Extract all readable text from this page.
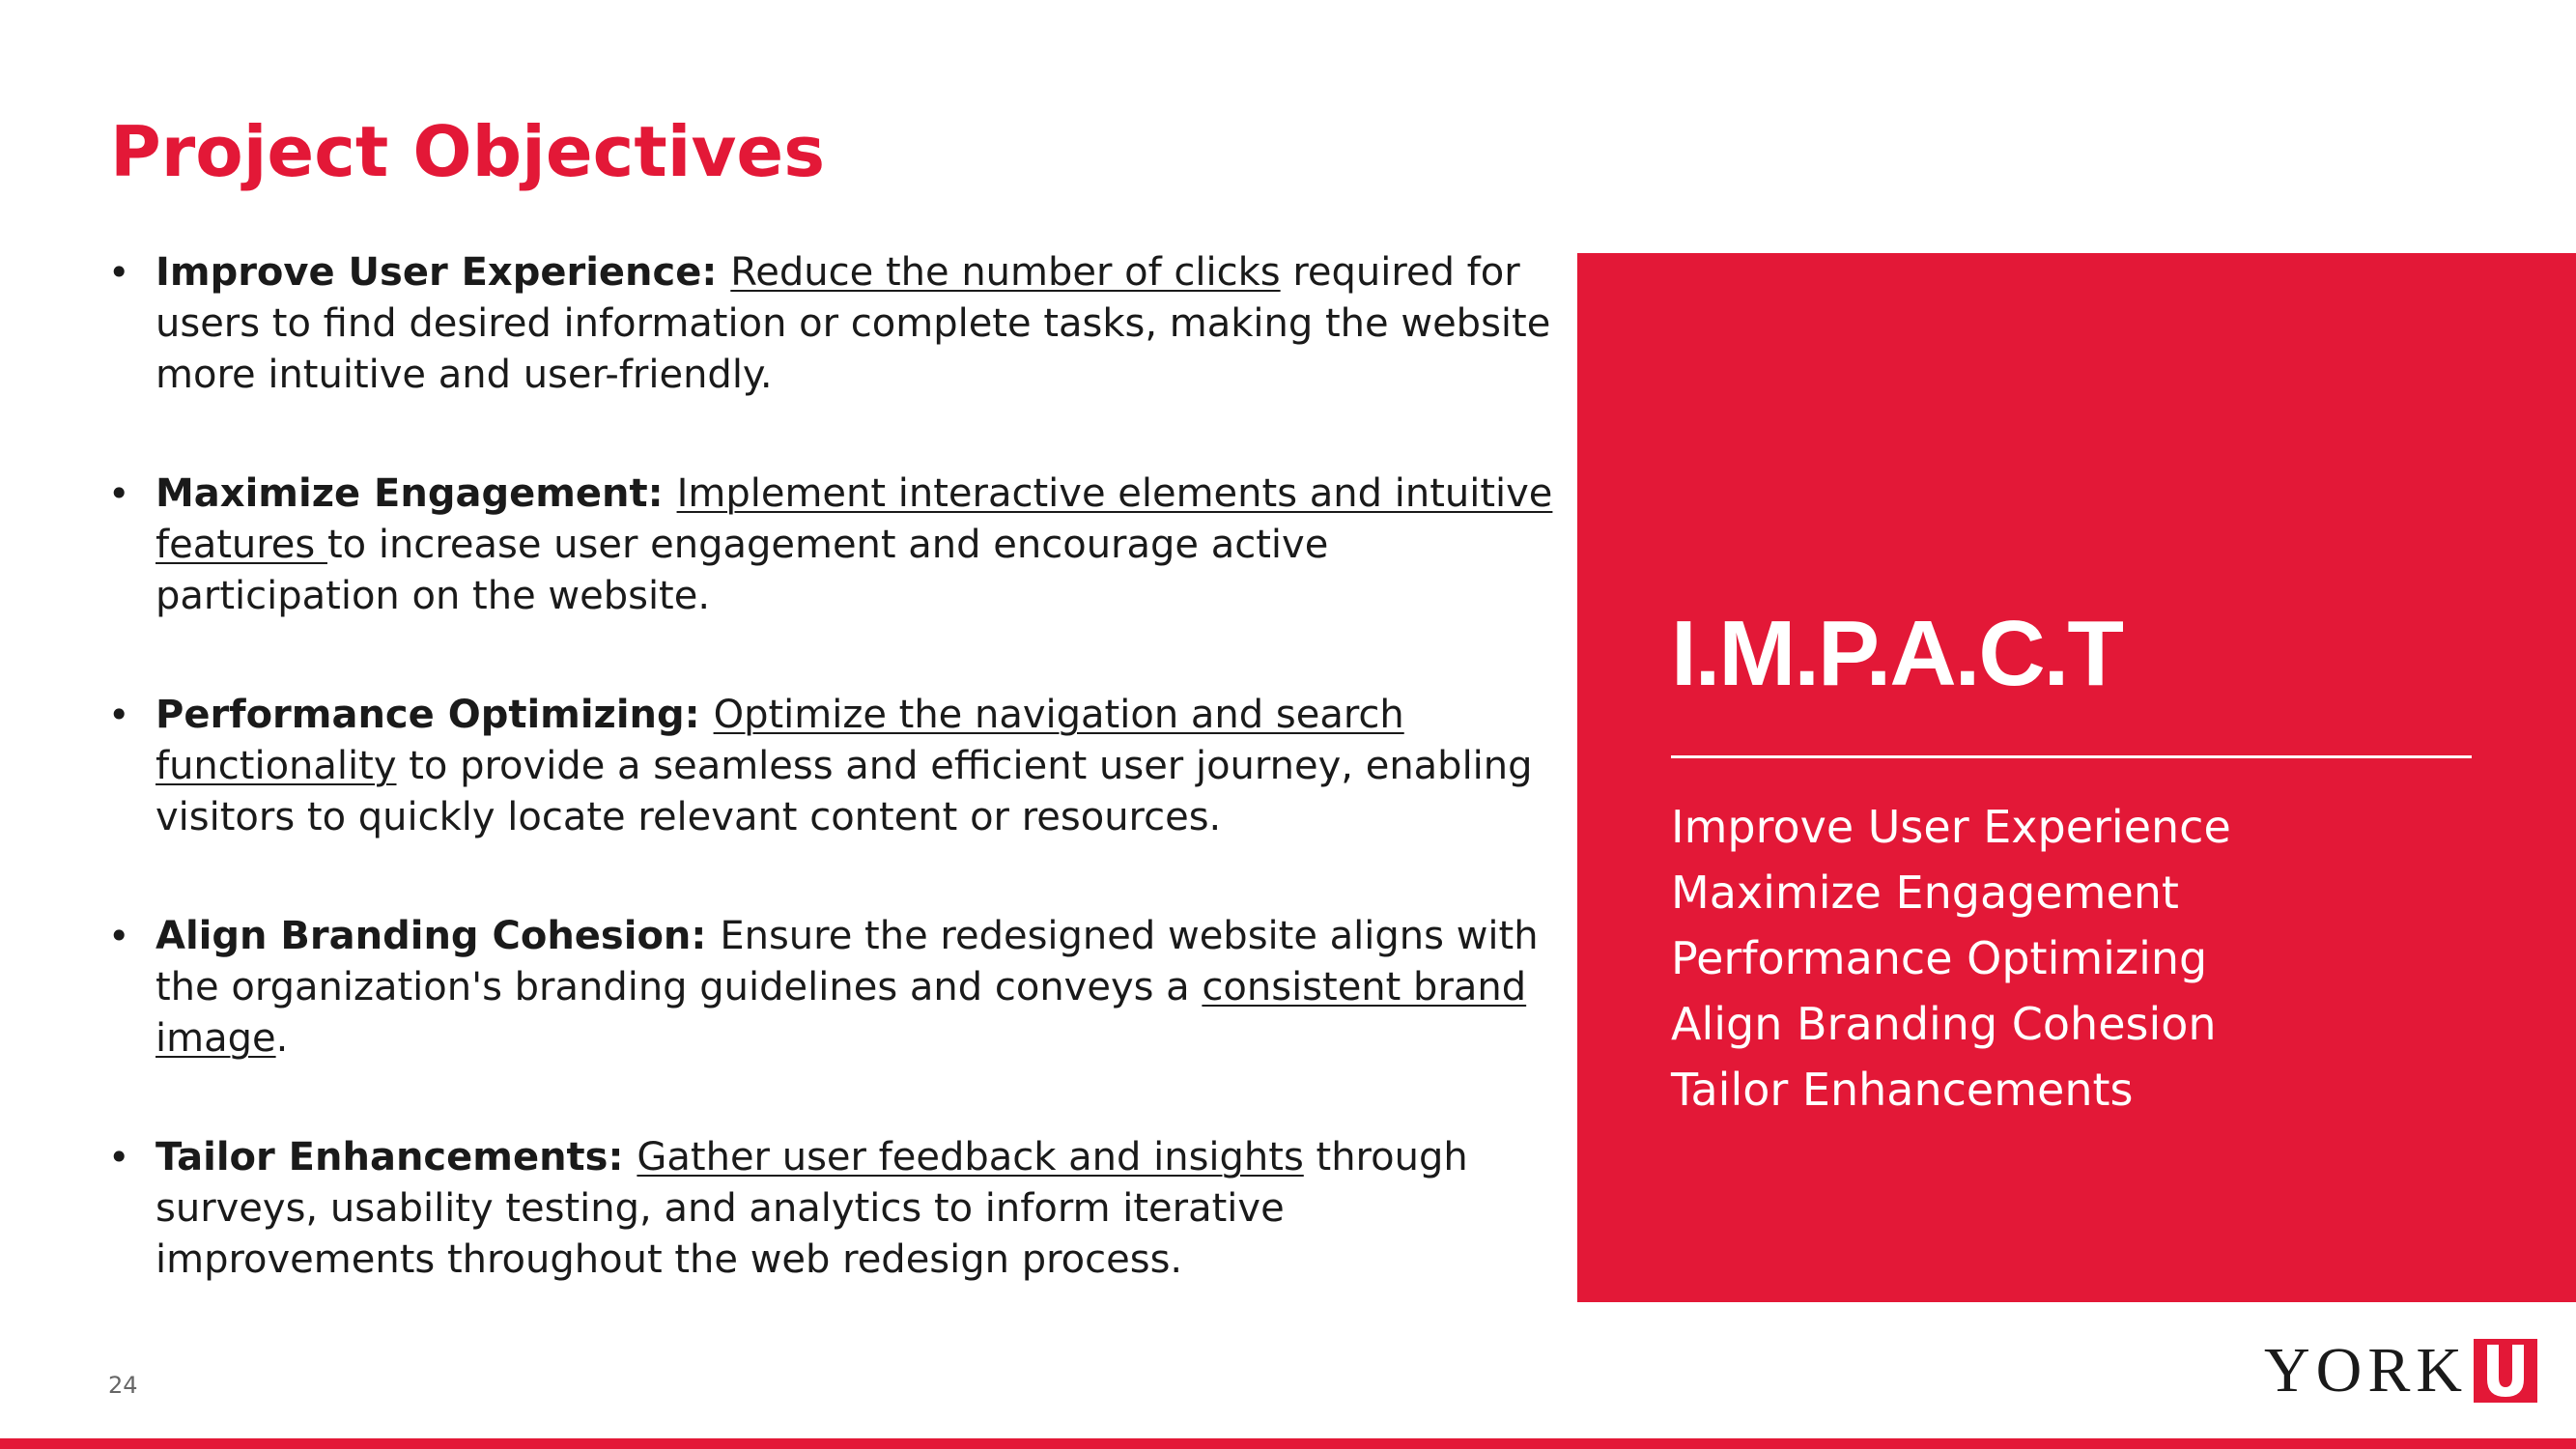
Project Objectives
• Improve User Experience: Reduce the number of clicks required for users to find desired information or complete tasks, making the website more intuitive and user-friendly.
• Maximize Engagement: Implement interactive elements and intuitive features to increase user engagement and encourage active participation on the website.
• Performance Optimizing: Optimize the navigation and search functionality to provide a seamless and efficient user journey, enabling visitors to quickly locate relevant content or resources.
• Align Branding Cohesion: Ensure the redesigned website aligns with the organization's branding guidelines and conveys a consistent brand image.
• Tailor Enhancements: Gather user feedback and insights through surveys, usability testing, and analytics to inform iterative improvements throughout the web redesign process.
I.M.P.A.C.T
Improve User Experience
Maximize Engagement
Performance Optimizing
Align Branding Cohesion
Tailor Enhancements
24	YORK
